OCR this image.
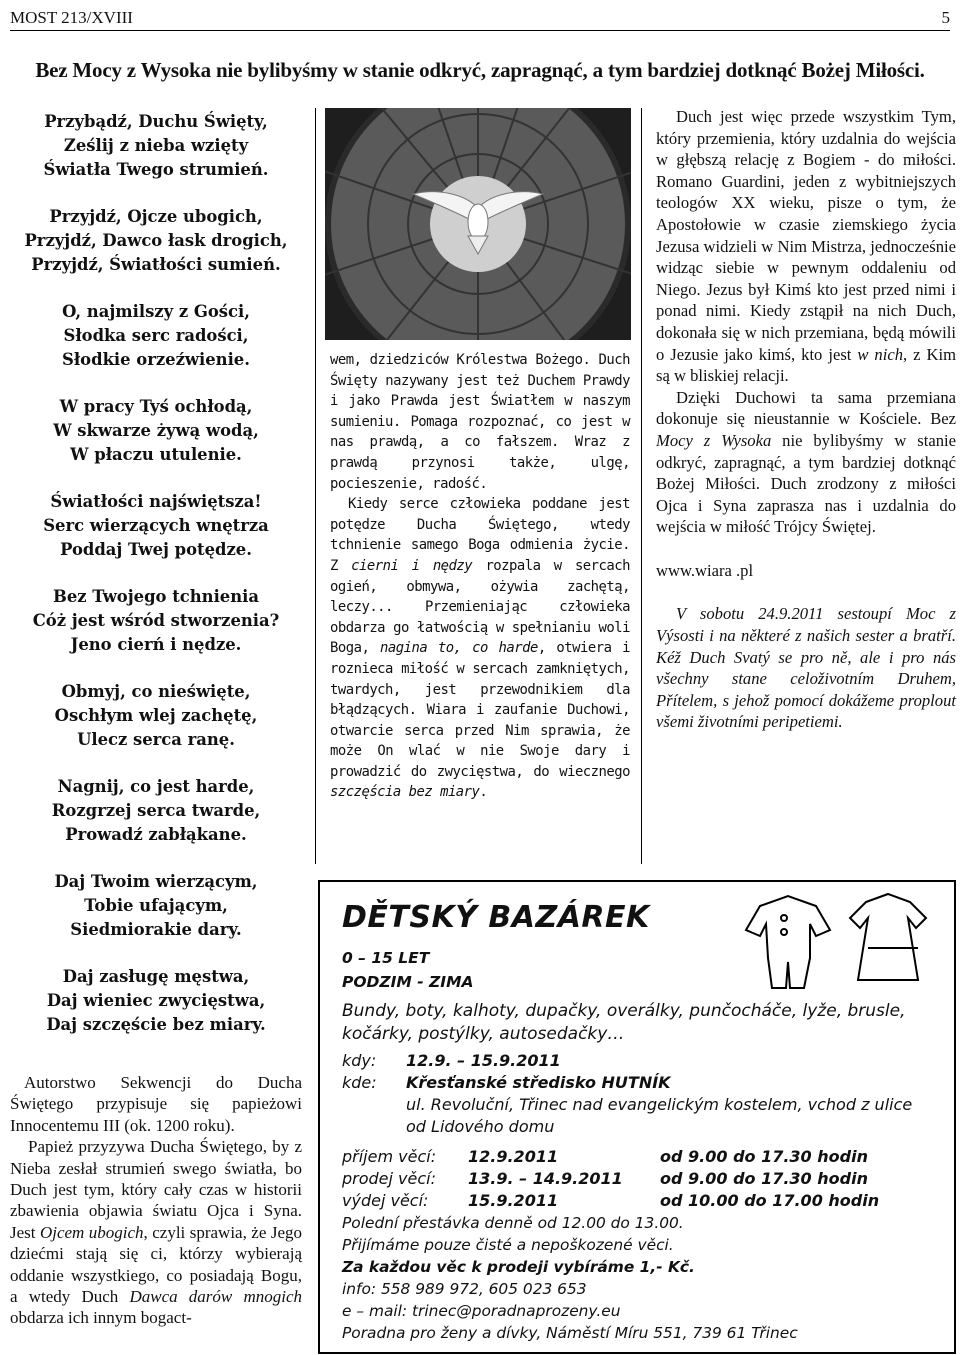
MOST 213/XVIII	5
Bez Mocy z Wysoka nie bylibyśmy w stanie odkryć, zapragnąć, a tym bardziej dotknąć Bożej Miłości.
Przybądź, Duchu Święty,
Ześlij z nieba wzięty
Światła Twego strumień.
Przyjdź, Ojcze ubogich,
Przyjdź, Dawco łask drogich,
Przyjdź, Światłości sumień.
O, najmilszy z Gości,
Słodka serc radości,
Słodkie orzeźwienie.
W pracy Tyś ochłodą,
W skwarze żywą wodą,
W płaczu utulenie.
Światłości najświętsza!
Serc wierzących wnętrza
Poddaj Twej potędze.
Bez Twojego tchnienia
Cóż jest wśród stworzenia?
Jeno cierń i nędze.
Obmyj, co nieświęte,
Oschłym wlej zachętę,
Ulecz serca ranę.
Nagnij, co jest harde,
Rozgrzej serca twarde,
Prowadź zabłąkane.
Daj Twoim wierzącym,
Tobie ufającym,
Siedmiorakie dary.
Daj zasługę męstwa,
Daj wieniec zwycięstwa,
Daj szczęście bez miary.

Autorstwo Sekwencji do Ducha Świętego przypisuje się papieżowi Innocentemu III (ok. 1200 roku).

Papież przyzywa Ducha Świętego, by z Nieba zesłał strumień swego światła, bo Duch jest tym, który cały czas w historii zbawienia objawia światu Ojca i Syna. Jest Ojcem ubogich, czyli sprawia, że Jego dziećmi stają się ci, którzy wybierają oddanie wszystkiego, co posiadają Bogu, a wtedy Duch Dawca darów mnogich obdarza ich innym bogact-

wem, dziedziców Królestwa Bożego. Duch Święty nazywany jest też Duchem Prawdy i jako Prawda jest Światłem w naszym sumieniu. Pomaga rozpoznać, co jest w nas prawdą, a co fałszem. Wraz z prawdą przynosi także, ulgę, pocieszenie, radość.

Kiedy serce człowieka poddane jest potędze Ducha Świętego, wtedy tchnienie samego Boga odmienia życie. Z cierni i nędzy rozpala w sercach ogień, obmywa, ożywia zachętą, leczy... Przemieniając człowieka obdarza go łatwością w spełnianiu woli Boga, nagina to, co harde, otwiera i roznieca miłość w sercach zamkniętych, twardych, jest przewodnikiem dla błądzących. Wiara i zaufanie Duchowi, otwarcie serca przed Nim sprawia, że może On wlać w nie Swoje dary i prowadzić do zwycięstwa, do wiecznego szczęścia bez miary.

Duch jest więc przede wszystkim Tym, który przemienia, który uzdalnia do wejścia w głębszą relację z Bogiem - do miłości. Romano Guardini, jeden z wybitniejszych teologów XX wieku, pisze o tym, że Apostołowie w czasie ziemskiego życia Jezusa widzieli w Nim Mistrza, jednocześnie widząc siebie w pewnym oddaleniu od Niego. Jezus był Kimś kto jest przed nimi i ponad nimi. Kiedy zstąpił na nich Duch, dokonała się w nich przemiana, będą mówili o Jezusie jako kimś, kto jest w nich, z Kim są w bliskiej relacji.

Dzięki Duchowi ta sama przemiana dokonuje się nieustannie w Kościele. Bez Mocy z Wysoka nie bylibyśmy w stanie odkryć, zapragnąć, a tym bardziej dotknąć Bożej Miłości. Duch zrodzony z miłości Ojca i Syna zaprasza nas i uzdalnia do wejścia w miłość Trójcy Świętej.

www.wiara .pl

V sobotu 24.9.2011 sestoupí Moc z Výsosti i na některé z našich sester a bratří. Kéž Duch Svatý se pro ně, ale i pro nás všechny stane celoživotním Druhem, Přítelem, s jehož pomocí dokážeme proplout všemi životními peripetiemi.

DĚTSKÝ BAZÁREK
0 – 15 LET
PODZIM - ZIMA
Bundy, boty, kalhoty, dupačky, overálky, punčocháče, lyže, brusle, kočárky, postýlky, autosedačky…
kdy: 12.9. – 15.9.2011
kde: Křesťanské středisko HUTNÍK
ul. Revoluční, Třinec nad evangelickým kostelem, vchod z ulice
od Lidového domu
příjem věcí: 12.9.2011	od 9.00 do 17.30 hodin
prodej věcí: 13.9. – 14.9.2011 od 9.00 do 17.30 hodin
výdej věcí: 15.9.2011	od 10.00 do 17.00 hodin
Polední přestávka denně od 12.00 do 13.00.
Přijímáme pouze čisté a nepoškozené věci.
Za každou věc k prodeji vybíráme 1,- Kč.
info: 558 989 972, 605 023 653
e – mail: trinec@poradnaprozeny.eu
Poradna pro ženy a dívky, Náměstí Míru 551, 739 61 Třinec
